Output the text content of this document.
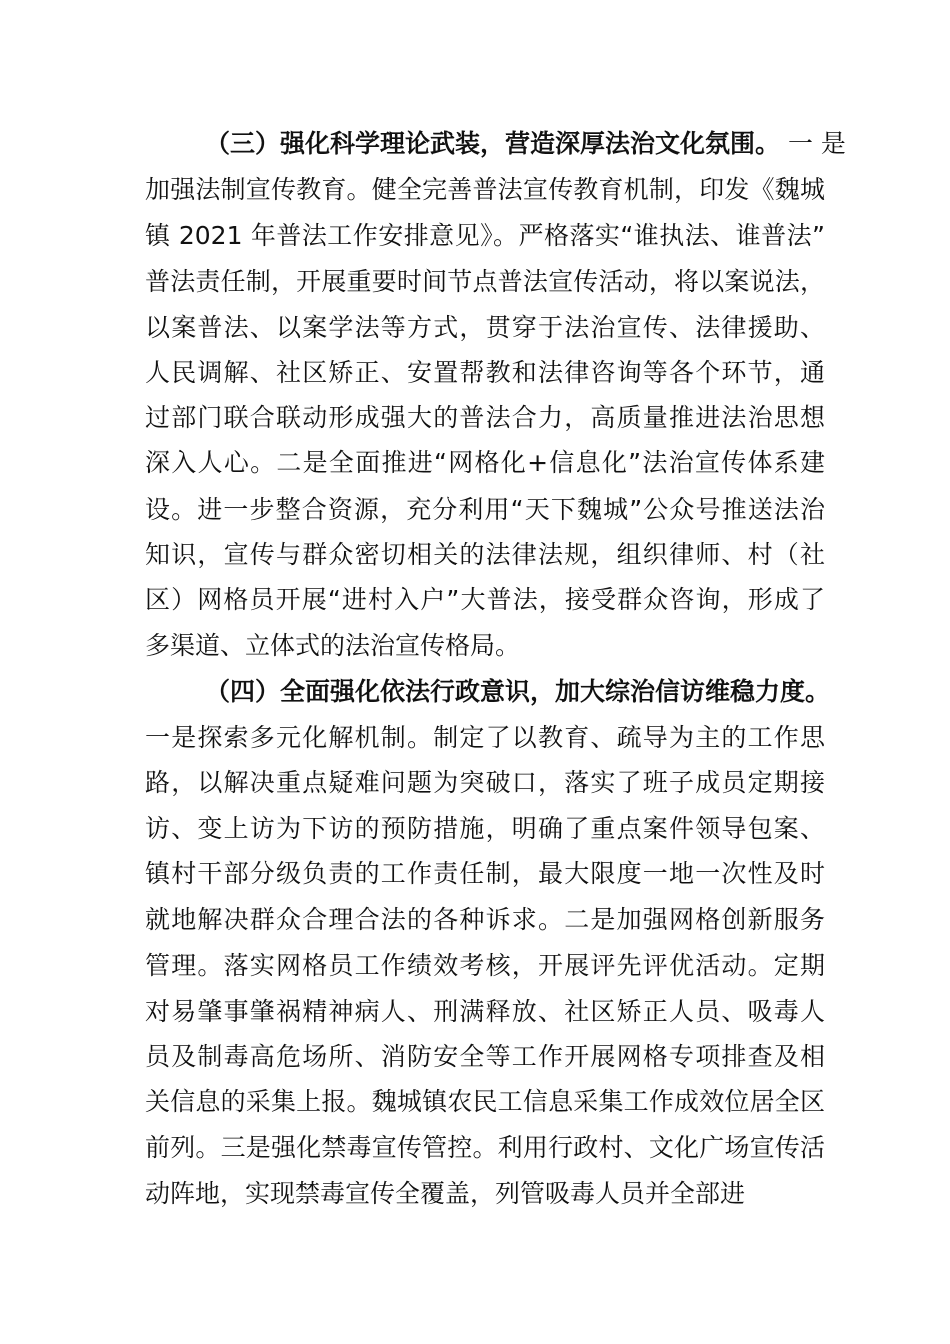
（三）强化科学理论武装，营造深厚法治文化氛围。 一 是
加强法制宣传教育。健全完善普法宣传教育机制，印发《魏城
镇 2021 年普法工作安排意见》。严格落实“谁执法、谁普法”
普法责任制，开展重要时间节点普法宣传活动，将以案说法，
以案普法、以案学法等方式，贯穿于法治宣传、法律援助、
人民调解、社区矫正、安置帮教和法律咨询等各个环节，通
过部门联合联动形成强大的普法合力，高质量推进法治思想
深入人心。二是全面推进“网格化+信息化”法治宣传体系建
设。进一步整合资源，充分利用“天下魏城”公众号推送法治
知识，宣传与群众密切相关的法律法规，组织律师、村（社
区）网格员开展“进村入户”大普法，接受群众咨询，形成了
多渠道、立体式的法治宣传格局。
（四）全面强化依法行政意识，加大综治信访维稳力度。
一是探索多元化解机制。制定了以教育、疏导为主的工作思
路，以解决重点疑难问题为突破口，落实了班子成员定期接
访、变上访为下访的预防措施，明确了重点案件领导包案、
镇村干部分级负责的工作责任制，最大限度一地一次性及时
就地解决群众合理合法的各种诉求。二是加强网格创新服务
管理。落实网格员工作绩效考核，开展评先评优活动。定期
对易肇事肇祸精神病人、刑满释放、社区矫正人员、吸毒人
员及制毒高危场所、消防安全等工作开展网格专项排查及相
关信息的采集上报。魏城镇农民工信息采集工作成效位居全区
前列。三是强化禁毒宣传管控。利用行政村、文化广场宣传活
动阵地，实现禁毒宣传全覆盖，列管吸毒人员并全部进
